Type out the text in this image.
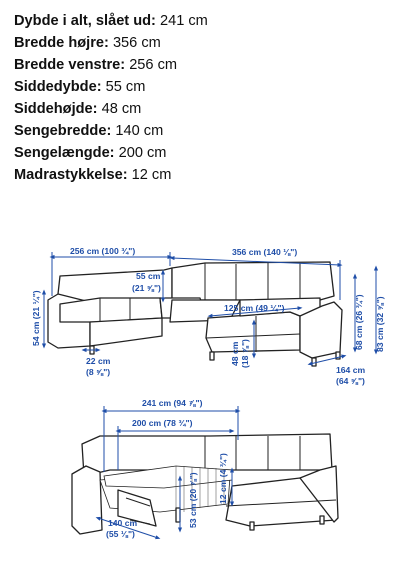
Dybde i alt, slået ud: 241 cm
Bredde højre: 356 cm
Bredde venstre: 256 cm
Siddedybde: 55 cm
Siddehøjde: 48 cm
Sengebredde: 140 cm
Sengelængde: 200 cm
Madrastykkelse: 12 cm
256 cm (100 ¾")	356 cm (140 ⅛")
55 cm
(21 ⅝")
125 cm (49 ¼")
54 cm (21 ¼")
22 cm
(8 ⅝")
48 cm (18 ⅞")
164 cm
(64 ⅝")
68 cm (26 ¾") 83 cm (32 ⅝")
241 cm (94 ⅞")
200 cm (78 ¾")
140 cm
(55 ⅛")
53 cm (20 ⅞") 12 cm (4 ¾")
